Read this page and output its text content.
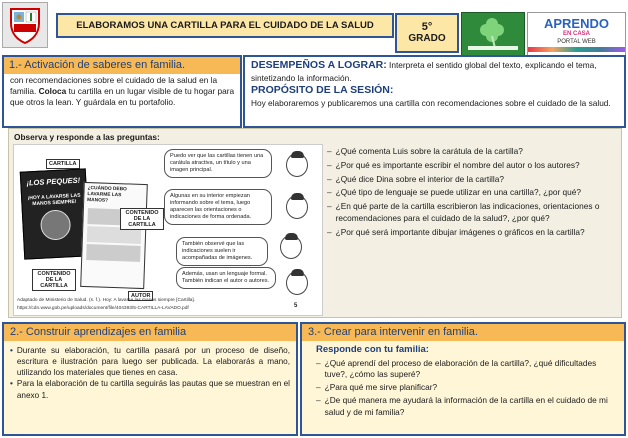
ELABORAMOS UNA CARTILLA PARA EL CUIDADO DE LA SALUD	5°
GRADO
APRENDO
EN CASA
PORTAL WEB
1.- Activación de saberes en familia.
con recomendaciones sobre el cuidado de la salud en la familia. Coloca tu cartilla en un lugar visible de tu hogar para que otros la lean. Y guárdala en tu portafolio.
DESEMPEÑOS A LOGRAR: Interpreta el sentido global del texto, explicando el tema, sintetizando la información.
PROPÓSITO DE LA SESIÓN:
Hoy elaboraremos y publicaremos una cartilla con recomendaciones sobre el cuidado de la salud.
Observa y responde a las preguntas:
CARTILLA
¡LOS PEQUES!
¡HOY A LAVARSE LAS MANOS SIEMPRE!
¿CUÁNDO DEBO LAVARME LAS MANOS?
CONTENIDO DE LA CARTILLA
CONTENIDO DE LA CARTILLA
AUTOR
Puedo ver que las cartillas tienen una carátula atractiva, un título y una imagen principal.
Algunas en su interior empiezan informando sobre el tema, luego aparecen las orientaciones o indicaciones de forma ordenada.
También observé que las indicaciones suelen ir acompañadas de imágenes.
Además, usan un lenguaje formal. También indican el autor o autores.
5
Adaptado de Ministerio de Salud. (s. f.). Hoy: A lavarse las manos siempre [Cartilla].
https://cdn.www.gob.pe/uploads/document/file/404393/5-CARTILLA-LAVADO.pdf
– ¿Qué comenta Luis sobre la carátula de la cartilla?
– ¿Por qué es importante escribir el nombre del autor o los autores?
– ¿Qué dice Dina sobre el interior de la cartilla?
– ¿Qué tipo de lenguaje se puede utilizar en una cartilla?, ¿por qué?
– ¿En qué parte de la cartilla escribieron las indicaciones, orientaciones o recomendaciones para el cuidado de la salud?, ¿por qué?
– ¿Por qué será importante dibujar imágenes o gráficos en la cartilla?
2.- Construir aprendizajes en familia
• Durante su elaboración, tu cartilla pasará por un proceso de diseño, escritura e ilustración para luego ser publicada. La elaborarás a mano, utilizando los materiales que tienes en casa.
• Para la elaboración de tu cartilla seguirás las pautas que se muestran en el anexo 1.
3.- Crear para intervenir en familia.
Responde con tu familia:
– ¿Qué aprendí del proceso de elaboración de la cartilla?, ¿qué dificultades tuve?, ¿cómo las superé?
– ¿Para qué me sirve planificar?
– ¿De qué manera me ayudará la información de la cartilla en el cuidado de mi salud y de mi familia?
